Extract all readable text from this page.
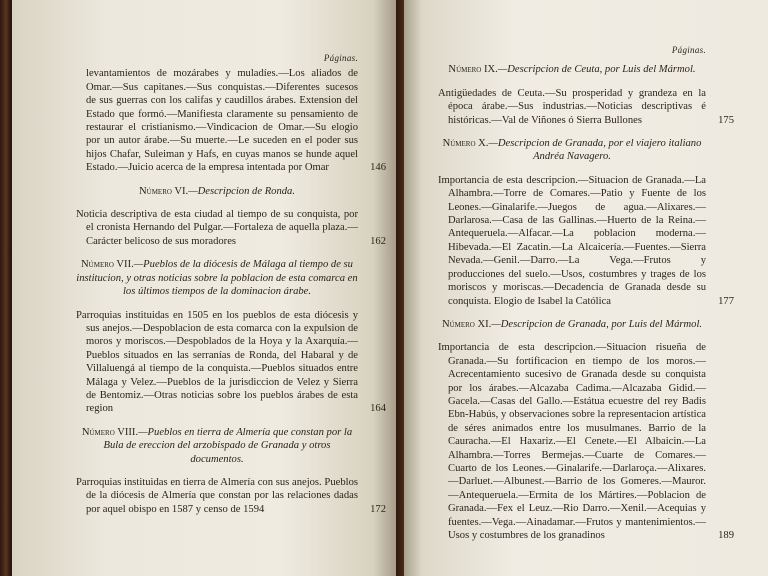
Páginas.

levantamientos de mozárabes y muladíes.—Los aliados de Omar.—Sus capitanes.—Sus conquistas.—Diferentes sucesos de sus guerras con los califas y caudillos árabes. Extension del Estado que formó.—Manifiesta claramente su pensamiento de restaurar el cristianismo.—Vindicacion de Omar.—Su elogio por un autor árabe.—Su muerte.—Le suceden en el poder sus hijos Chafar, Suleiman y Hafs, en cuyas manos se hunde aquel Estado.—Juicio acerca de la empresa intentada por Omar	146

Número VI.—Descripcion de Ronda.

Noticia descriptiva de esta ciudad al tiempo de su conquista, por el cronista Hernando del Pulgar.—Fortaleza de aquella plaza.—Carácter belicoso de sus moradores	162

Número VII.—Pueblos de la diócesis de Málaga al tiempo de su institucion, y otras noticias sobre la poblacion de esta comarca en los últimos tiempos de la dominacion árabe.

Parroquias instituidas en 1505 en los pueblos de esta diócesis y sus anejos.—Despoblacion de esta comarca con la expulsion de moros y moriscos.—Despoblados de la Hoya y la Axarquía.—Pueblos situados en las serranías de Ronda, del Habaral y de Villaluengá al tiempo de la conquista.—Pueblos situados entre Málaga y Velez.—Pueblos de la jurisdiccion de Velez y Sierra de Bentomiz.—Otras noticias sobre los pueblos árabes de esta region	164

Número VIII.—Pueblos en tierra de Almería que constan por la Bula de ereccion del arzobispado de Granada y otros documentos.

Parroquias instituidas en tierra de Almería con sus anejos. Pueblos de la diócesis de Almería que constan por las relaciones dadas por aquel obispo en 1587 y censo de 1594	172
Páginas.

Número IX.—Descripcion de Ceuta, por Luis del Mármol.

Antigüedades de Ceuta.—Su prosperidad y grandeza en la época árabe.—Sus industrias.—Noticias descriptivas é históricas.—Val de Viñones ó Sierra Bullones	175

Número X.—Descripcion de Granada, por el viajero italiano Andréa Navagero.

Importancia de esta descripcion.—Situacion de Granada.—La Alhambra.—Torre de Comares.—Patio y Fuente de los Leones.—Ginalarife.—Juegos de agua.—Alixares.—Darlarosa.—Casa de las Gallinas.—Huerto de la Reina.—Antequeruela.—Alfacar.—La poblacion moderna.—Hibevada.—El Zacatin.—La Alcaicería.—Fuentes.—Sierra Nevada.—Genil.—Darro.—La Vega.—Frutos y producciones del suelo.—Usos, costumbres y trages de los moriscos y moriscas.—Decadencia de Granada desde su conquista. Elogio de Isabel la Católica	177

Número XI.—Descripcion de Granada, por Luis del Mármol.

Importancia de esta descripcion.—Situacion risueña de Granada.—Su fortificacion en tiempo de los moros.—Acrecentamiento sucesivo de Granada desde su conquista por los árabes.—Alcazaba Cadima.—Alcazaba Gidid.—Gacela.—Casas del Gallo.—Estátua ecuestre del rey Badis Ebn-Habús, y observaciones sobre la representacion artística de séres animados entre los musulmanes. Barrio de la Cauracha.—El Haxariz.—El Cenete.—El Albaicin.—La Alhambra.—Torres Bermejas.—Cuarte de Comares.—Cuarto de los Leones.—Ginalarife.—Darlaroça.—Alixares.—Darluet.—Albunest.—Barrio de los Gomeres.—Mauror.—Antequeruela.—Ermita de los Mártires.—Poblacion de Granada.—Fex el Leuz.—Rio Darro.—Xenil.—Acequias y fuentes.—Vega.—Ainadamar.—Frutos y mantenimientos.—Usos y costumbres de los granadinos	189
